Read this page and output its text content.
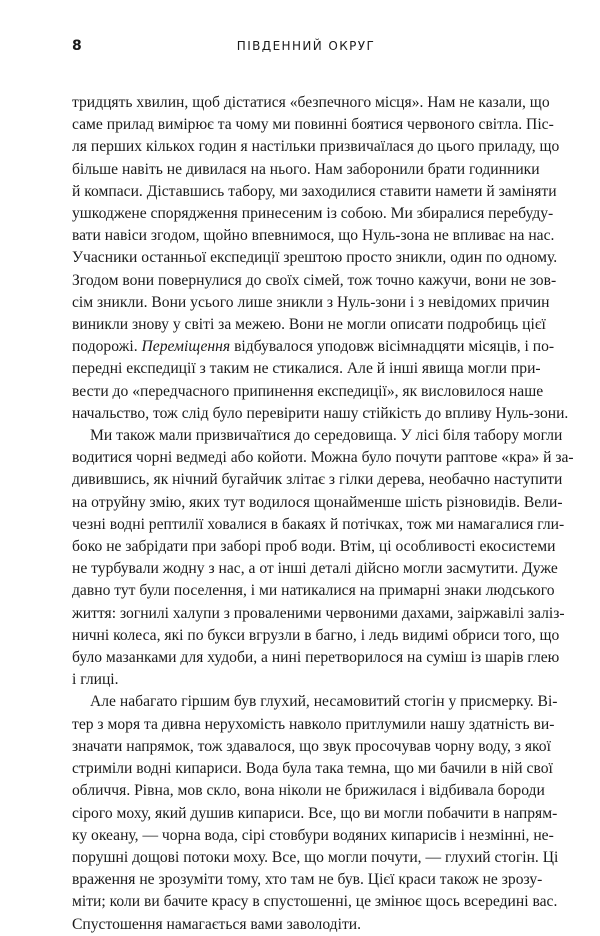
8	ПІВДЕННИЙ ОКРУГ

тридцять хвилин, щоб дістатися «безпечного місця». Нам не казали, що
саме прилад вимірює та чому ми повинні боятися червоного світла. Піс-
ля перших кількох годин я настільки призвичаїлася до цього приладу, що
більше навіть не дивилася на нього. Нам заборонили брати годинники
й компаси. Діставшись табору, ми заходилися ставити намети й заміняти
ушкоджене спорядження принесеним із собою. Ми збиралися перебуду-
вати навіси згодом, щойно впевнимося, що Нуль-зона не впливає на нас.
Учасники останньої експедиції зрештою просто зникли, один по одному.
Згодом вони повернулися до своїх сімей, тож точно кажучи, вони не зов-
сім зникли. Вони усього лише зникли з Нуль-зони і з невідомих причин
виникли знову у світі за межею. Вони не могли описати подробиць цієї
подорожі. Переміщення відбувалося уподовж вісімнадцяти місяців, і по-
передні експедиції з таким не стикалися. Але й інші явища могли при-
вести до «передчасного припинення експедиції», як висловилося наше
начальство, тож слід було перевірити нашу стійкість до впливу Нуль-зони.

Ми також мали призвичаїтися до середовища. У лісі біля табору могли
водитися чорні ведмеді або койоти. Можна було почути раптове «кра» й за-
дивившись, як нічний бугайчик злітає з гілки дерева, необачно наступити
на отруйну змію, яких тут водилося щонайменше шість різновидів. Вели-
чезні водні рептилії ховалися в бакаях й потічках, тож ми намагалися гли-
боко не забрідати при заборі проб води. Втім, ці особливості екосистеми
не турбували жодну з нас, а от інші деталі дійсно могли засмутити. Дуже
давно тут були поселення, і ми натикалися на примарні знаки людського
життя: зогнилі халупи з провaленими червоними дахами, заіржавілі заліз-
ничні колеса, які по букси вгрузли в багно, і ледь видимі обриси того, що
було мазанками для худоби, а нині перетворилося на суміш із шарів глею
і глиці.

Але набагато гіршим був глухий, несамовитий стогін у присмерку. Ві-
тер з моря та дивна нерухомість навколо притлумили нашу здатність ви-
значати напрямок, тож здавалося, що звук просочував чорну воду, з якої
стриміли водні кипариси. Вода була така темна, що ми бачили в ній свої
обличчя. Рівна, мов скло, вона ніколи не брижилася і відбивала бороди
сірого моху, який душив кипариси. Все, що ви могли побачити в напрям-
ку океану, — чорна вода, сірі стовбури водяних кипарисів і незмінні, не-
порушні дощові потоки моху. Все, що могли почути, — глухий стогін. Ці
враження не зрозуміти тому, хто там не був. Цієї краси також не зрозу-
міти; коли ви бачите красу в спустошенні, це змінює щось всередині вас.
Спустошення намагається вами заволодіти.
